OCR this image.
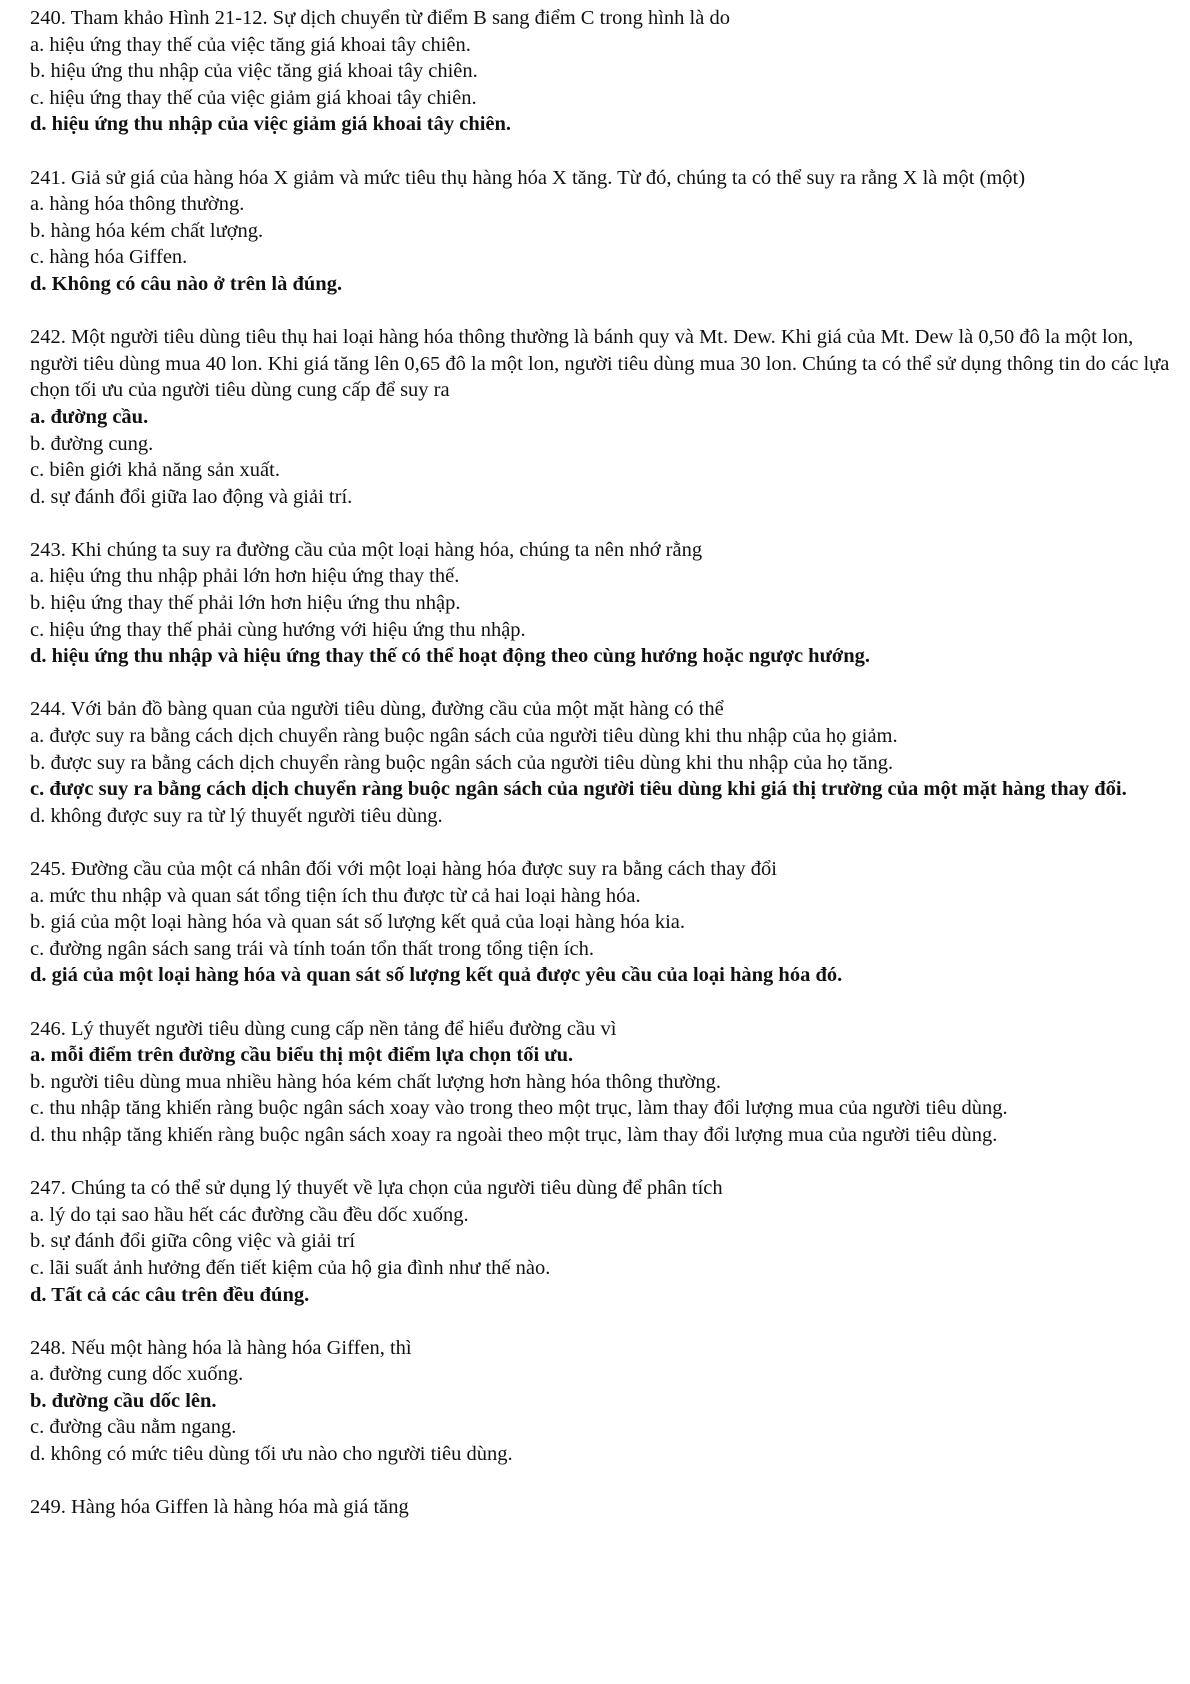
240. Tham khảo Hình 21-12. Sự dịch chuyển từ điểm B sang điểm C trong hình là do
a. hiệu ứng thay thế của việc tăng giá khoai tây chiên.
b. hiệu ứng thu nhập của việc tăng giá khoai tây chiên.
c. hiệu ứng thay thế của việc giảm giá khoai tây chiên.
d. hiệu ứng thu nhập của việc giảm giá khoai tây chiên.
241. Giả sử giá của hàng hóa X giảm và mức tiêu thụ hàng hóa X tăng. Từ đó, chúng ta có thể suy ra rằng X là một (một)
a. hàng hóa thông thường.
b. hàng hóa kém chất lượng.
c. hàng hóa Giffen.
d. Không có câu nào ở trên là đúng.
242. Một người tiêu dùng tiêu thụ hai loại hàng hóa thông thường là bánh quy và Mt. Dew. Khi giá của Mt. Dew là 0,50 đô la một lon, người tiêu dùng mua 40 lon. Khi giá tăng lên 0,65 đô la một lon, người tiêu dùng mua 30 lon. Chúng ta có thể sử dụng thông tin do các lựa chọn tối ưu của người tiêu dùng cung cấp để suy ra
a. đường cầu.
b. đường cung.
c. biên giới khả năng sản xuất.
d. sự đánh đổi giữa lao động và giải trí.
243. Khi chúng ta suy ra đường cầu của một loại hàng hóa, chúng ta nên nhớ rằng
a. hiệu ứng thu nhập phải lớn hơn hiệu ứng thay thế.
b. hiệu ứng thay thế phải lớn hơn hiệu ứng thu nhập.
c. hiệu ứng thay thế phải cùng hướng với hiệu ứng thu nhập.
d. hiệu ứng thu nhập và hiệu ứng thay thế có thể hoạt động theo cùng hướng hoặc ngược hướng.
244. Với bản đồ bàng quan của người tiêu dùng, đường cầu của một mặt hàng có thể
a. được suy ra bằng cách dịch chuyển ràng buộc ngân sách của người tiêu dùng khi thu nhập của họ giảm.
b. được suy ra bằng cách dịch chuyển ràng buộc ngân sách của người tiêu dùng khi thu nhập của họ tăng.
c. được suy ra bằng cách dịch chuyển ràng buộc ngân sách của người tiêu dùng khi giá thị trường của một mặt hàng thay đổi.
d. không được suy ra từ lý thuyết người tiêu dùng.
245. Đường cầu của một cá nhân đối với một loại hàng hóa được suy ra bằng cách thay đổi
a. mức thu nhập và quan sát tổng tiện ích thu được từ cả hai loại hàng hóa.
b. giá của một loại hàng hóa và quan sát số lượng kết quả của loại hàng hóa kia.
c. đường ngân sách sang trái và tính toán tổn thất trong tổng tiện ích.
d. giá của một loại hàng hóa và quan sát số lượng kết quả được yêu cầu của loại hàng hóa đó.
246. Lý thuyết người tiêu dùng cung cấp nền tảng để hiểu đường cầu vì
a. mỗi điểm trên đường cầu biểu thị một điểm lựa chọn tối ưu.
b. người tiêu dùng mua nhiều hàng hóa kém chất lượng hơn hàng hóa thông thường.
c. thu nhập tăng khiến ràng buộc ngân sách xoay vào trong theo một trục, làm thay đổi lượng mua của người tiêu dùng.
d. thu nhập tăng khiến ràng buộc ngân sách xoay ra ngoài theo một trục, làm thay đổi lượng mua của người tiêu dùng.
247. Chúng ta có thể sử dụng lý thuyết về lựa chọn của người tiêu dùng để phân tích
a. lý do tại sao hầu hết các đường cầu đều dốc xuống.
b. sự đánh đổi giữa công việc và giải trí
c. lãi suất ảnh hưởng đến tiết kiệm của hộ gia đình như thế nào.
d. Tất cả các câu trên đều đúng.
248. Nếu một hàng hóa là hàng hóa Giffen, thì
a. đường cung dốc xuống.
b. đường cầu dốc lên.
c. đường cầu nằm ngang.
d. không có mức tiêu dùng tối ưu nào cho người tiêu dùng.
249. Hàng hóa Giffen là hàng hóa mà giá tăng
